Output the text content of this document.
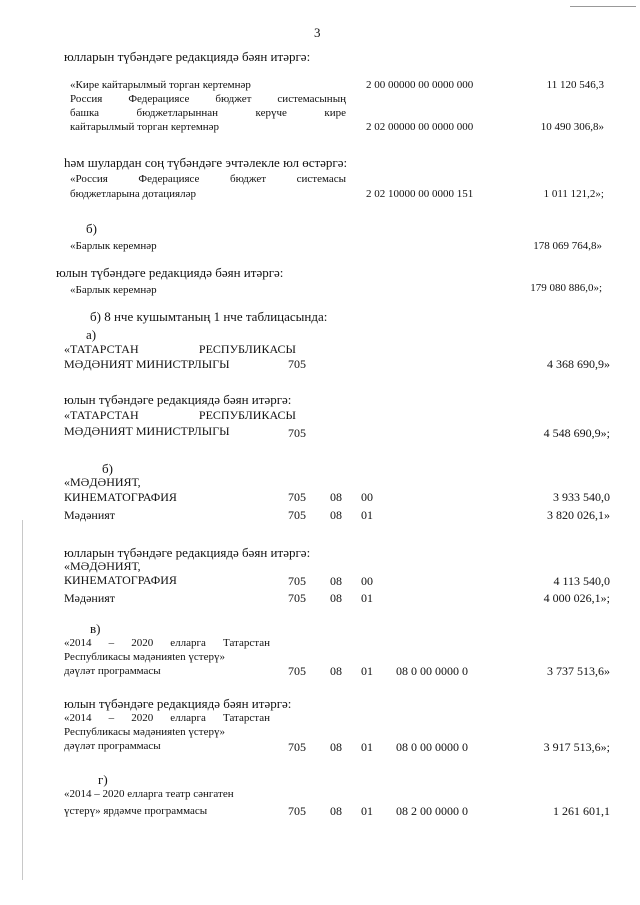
3
юлларын түбәндәге редакциядә бәян итәргә:
«Кире кайтарылмый торган кертемнәр	2 00 00000 00 0000 000	11 120 546,3
Россия Федерациясе бюджет системасының
башка	бюджетларыннан	керүче	кире
кайтарылмый торган кертемнәр	2 02 00000 00 0000 000	10 490 306,8»
һәм шулардан соң түбәндәге эчтәлекле юл өстәргә:
«Россия	Федерациясе	бюджет	системасы
бюджетларына дотацияләр	2 02 10000 00 0000 151	1 011 121,2»;
б)
«Барлык керемнәр	178 069 764,8»
юлын түбәндәге редакциядә бәян итәргә:
«Барлык керемнәр	179 080 886,0»;
б) 8 нче кушымтаның 1 нче таблицасында:
а)
«ТАТАРСТАН	РЕСПУБЛИКАСЫ
МӘДӘНИЯТ МИНИСТРЛЫГЫ	705	4 368 690,9»
юлын түбәндәге редакциядә бәян итәргә:
«ТАТАРСТАН	РЕСПУБЛИКАСЫ
МӘДӘНИЯТ МИНИСТРЛЫГЫ	705	4 548 690,9»;
б)
«МӘДӘНИЯТ,
КИНЕМАТОГРАФИЯ	705 08 00	3 933 540,0
Мәдәният	705 08 01	3 820 026,1»
юлларын түбәндәге редакциядә бәян итәргә:
«МӘДӘНИЯТ,
КИНЕМАТОГРАФИЯ	705 08 00	4 113 540,0
Мәдәният	705 08 01	4 000 026,1»;
в)
«2014 – 2020 елларга Татарстан
Республикасы мәдәнияten үстерү»
дәүләт программасы	705 08 01 08 0 00 0000 0	3 737 513,6»
юлын түбәндәге редакциядә бәян итәргә:
«2014 – 2020 елларга Татарстан
Республикасы мәдәнияten үстерү»
дәүләт программасы	705 08 01 08 0 00 0000 0	3 917 513,6»;
г)
«2014 – 2020 елларга театр сәнгатен
үстерү» ярдәмче программасы	705 08 01 08 2 00 0000 0	1 261 601,1
